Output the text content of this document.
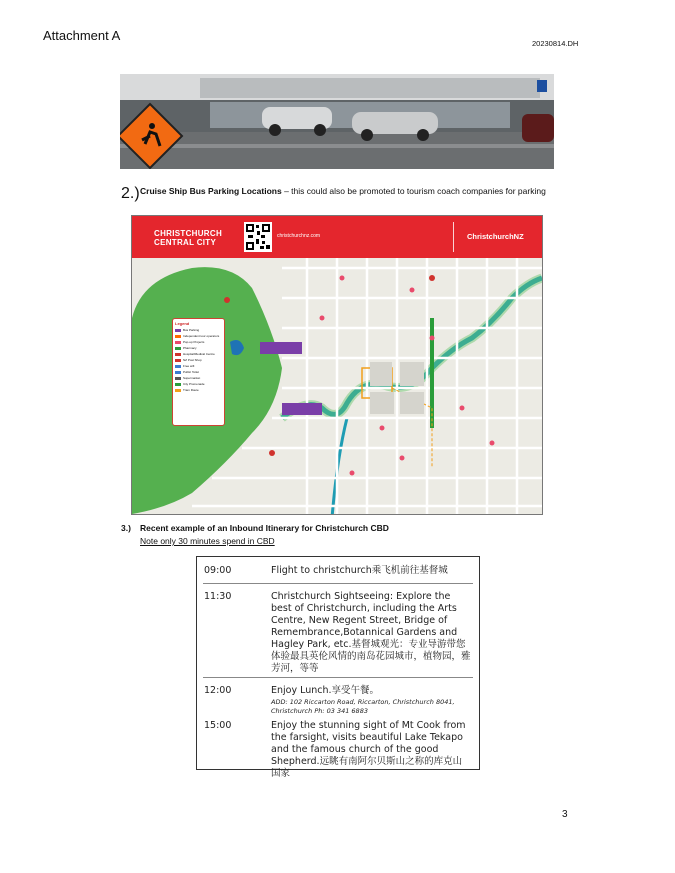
Attachment A
20230814.DH
2.) Cruise Ship Bus Parking Locations – this could also be promoted to tourism coach companies for parking
CHRISTCHURCH
CENTRAL CITY
christchurchnz.com	ChristchurchNZ
Legend
Bus Parking
Independent tour operators
Pop-up Projects
Pharmacy
Hospital/Medical Centre
NZ Post Shop
Free wifi
Public Toilet
Supermarket
City Promenade
Tram Route
3.) Recent example of an Inbound Itinerary for Christchurch CBD
Note only 30 minutes spend in CBD
09:00	Flight to christchurch乘飞机前往基督城
11:30	Christchurch Sightseeing: Explore the best of Christchurch, including the Arts Centre, New Regent Street, Bridge of Remembrance,Botannical Gardens and Hagley Park, etc.基督城观光：专业导游带您体验最具英伦风情的南岛花园城市，植物园，雅芳河，等等
12:00	Enjoy Lunch.享受午餐。
ADD: 102 Riccarton Road, Riccarton, Christchurch 8041, Christchurch Ph: 03 341 6883
15:00	Enjoy the stunning sight of Mt Cook from the farsight, visits beautiful Lake Tekapo and the famous church of the good Shepherd.远眺有南阿尔贝斯山之称的库克山国家
3
